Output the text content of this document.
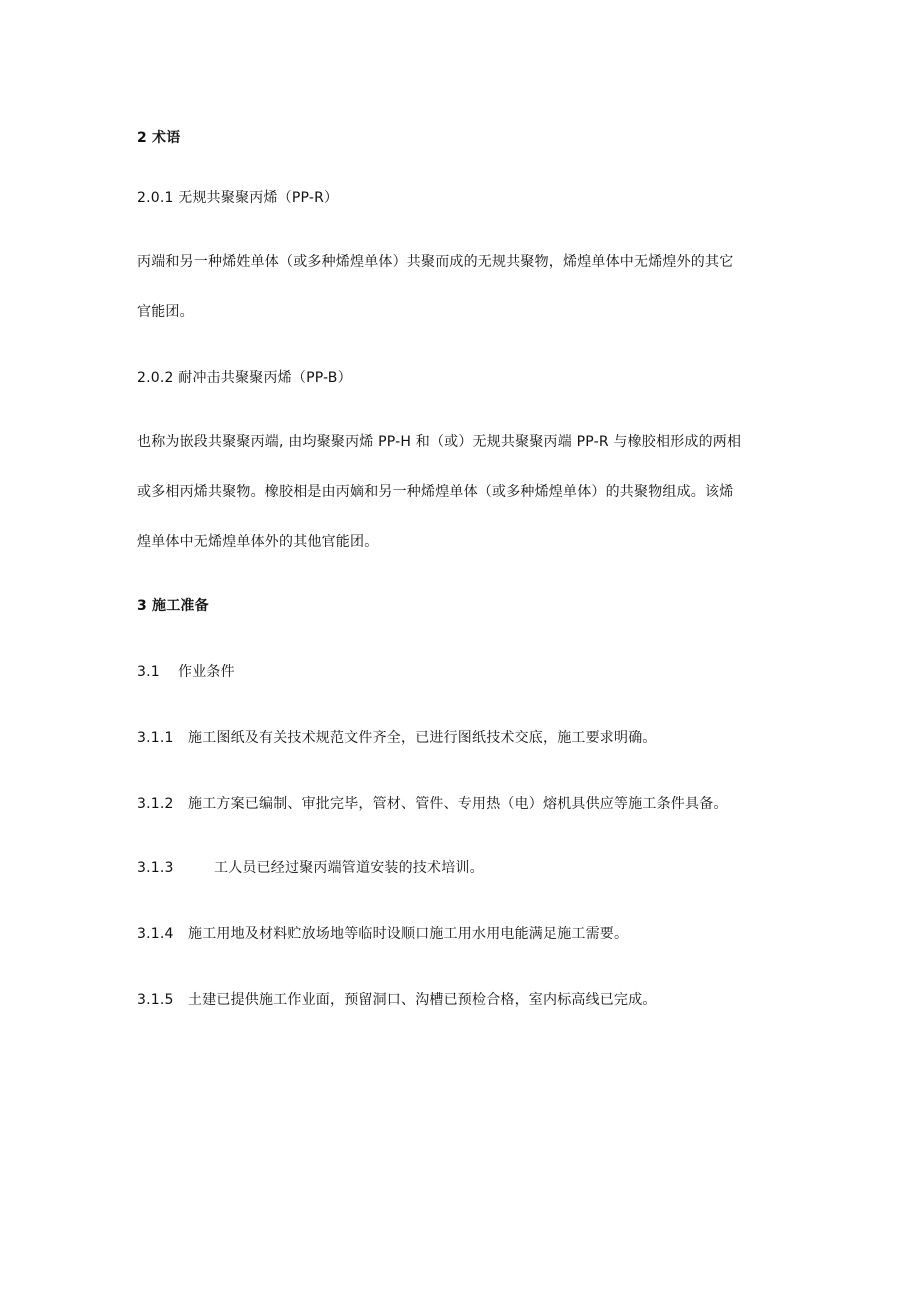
2 术语
2.0.1 无规共聚聚丙烯（PP-R）
丙端和另一种烯姓单体（或多种烯煌单体）共聚而成的无规共聚物，烯煌单体中无烯煌外的其它
官能团。
2.0.2 耐冲击共聚聚丙烯（PP-B）
也称为嵌段共聚聚丙端, 由均聚聚丙烯 PP-H 和（或）无规共聚聚丙端 PP-R 与橡胶相形成的两相
或多相丙烯共聚物。橡胶相是由丙嫡和另一种烯煌单体（或多种烯煌单体）的共聚物组成。该烯
煌单体中无烯煌单体外的其他官能团。
3 施工准备
3.1 作业条件
3.1.1 施工图纸及有关技术规范文件齐全，已进行图纸技术交底，施工要求明确。
3.1.2 施工方案已编制、审批完毕，管材、管件、专用热（电）熔机具供应等施工条件具备。
3.1.3	工人员已经过聚丙端管道安装的技术培训。
3.1.4 施工用地及材料贮放场地等临时设顺口施工用水用电能满足施工需要。
3.1.5 土建已提供施工作业面，预留洞口、沟槽已预检合格，室内标高线已完成。
